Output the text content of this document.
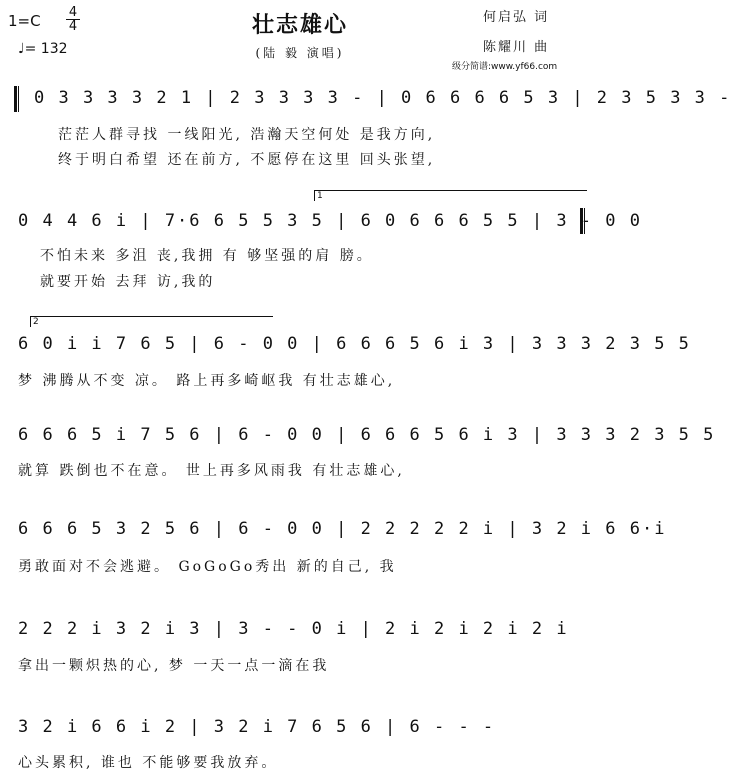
1=C 4
4
♩= 132
壮志雄心
(陆 毅 演唱)
何启弘 词
陈耀川 曲
级分简谱:www.yf66.com
0 3 3 3 3 2 1 | 2 3 3 3 3 - | 0 6 6 6 6 5 3 | 2 3 5 3 3 -
茫茫人群寻找 一线阳光, 浩瀚天空何处 是我方向,
终于明白希望 还在前方, 不愿停在这里 回头张望,
1
0 4 4 6 i | 7·6 6 5 5 3 5 | 6 0 6 6 6 5 5 | 3 - 0 0
不怕未来 多沮 丧,我拥 有 够坚强的肩 膀。
就要开始 去拜 访,我的
2
6 0 i i 7 6 5 | 6 - 0 0 | 6 6 6 5 6 i 3 | 3 3 3 2 3 5 5
梦 沸腾从不变 凉。 路上再多崎岖我 有壮志雄心,
6 6 6 5 i 7 5 6 | 6 - 0 0 | 6 6 6 5 6 i 3 | 3 3 3 2 3 5 5
就算 跌倒也不在意。 世上再多风雨我 有壮志雄心,
6 6 6 5 3 2 5 6 | 6 - 0 0 | 2 2 2 2 2 i | 3 2 i 6 6·i
勇敢面对不会逃避。 GoGoGo秀出 新的自己, 我
2 2 2 i 3 2 i 3 | 3 - - 0 i | 2 i 2 i 2 i 2 i
拿出一颗炽热的心, 梦 一天一点一滴在我
3 2 i 6 6 i 2 | 3 2 i 7 6 5 6 | 6 - - -
心头累积, 谁也 不能够要我放弃。
